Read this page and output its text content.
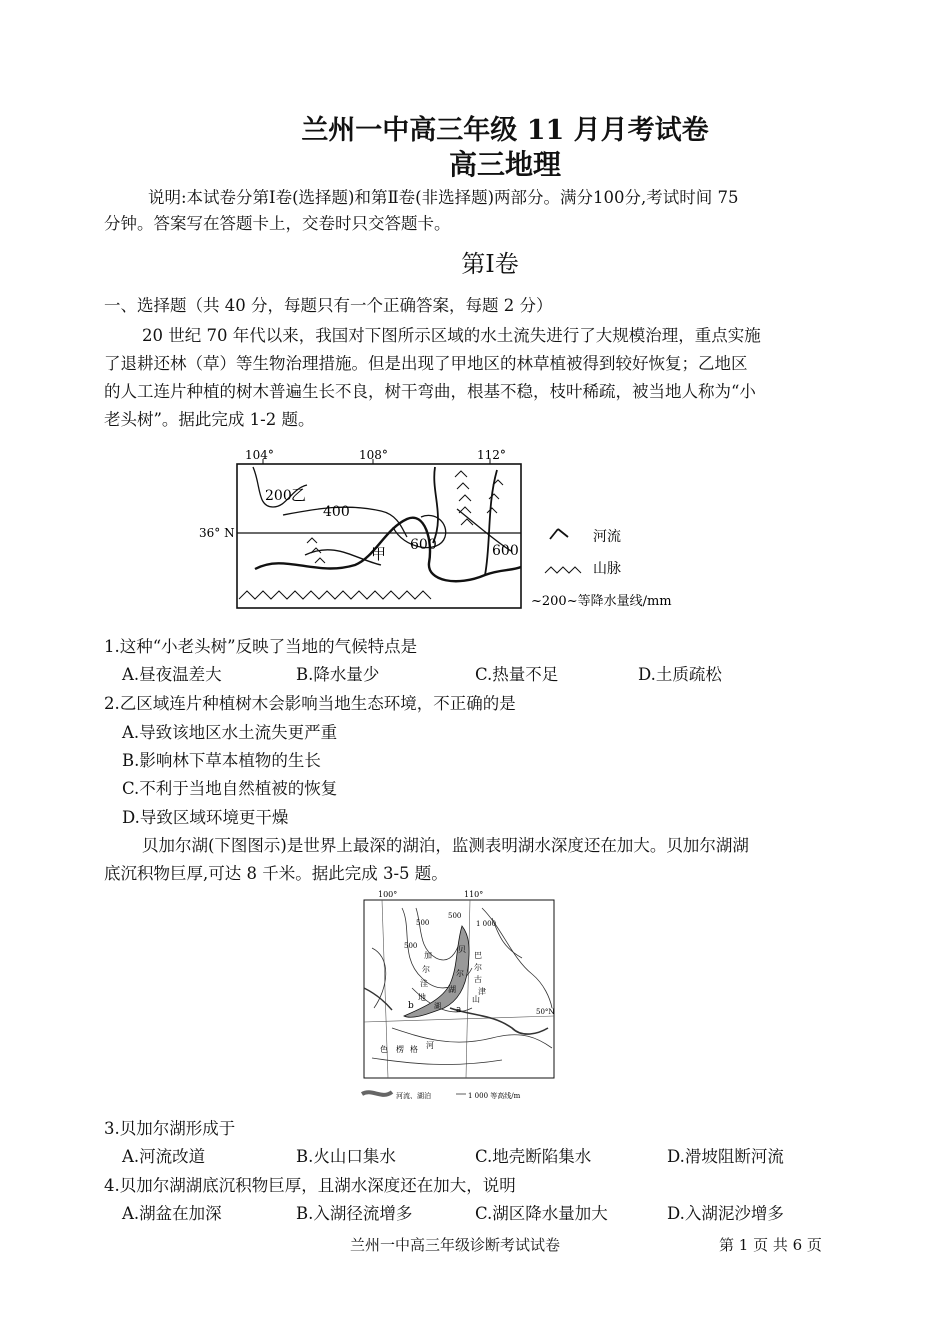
兰州一中高三年级 11 月月考试卷
高三地理
说明:本试卷分第Ⅰ卷(选择题)和第Ⅱ卷(非选择题)两部分。满分100分,考试时间 75
分钟。答案写在答题卡上，交卷时只交答题卡。
第Ⅰ卷
一、选择题（共 40 分，每题只有一个正确答案，每题 2 分）
20 世纪 70 年代以来，我国对下图所示区域的水土流失进行了大规模治理，重点实施
了退耕还林（草）等生物治理措施。但是出现了甲地区的林草植被得到较好恢复；乙地区
的人工连片种植的树木普遍生长不良，树干弯曲，根基不稳，枝叶稀疏，被当地人称为“小
老头树”。据此完成 1-2 题。
104°	108°	112°
36° N
200 乙
400
600	600
甲
河流
山脉
~200~等降水量线/mm
1.这种“小老头树”反映了当地的气候特点是
A.昼夜温差大	B.降水量少	C.热量不足	D.土质疏松
2.乙区域连片种植树木会影响当地生态环境，不正确的是
A.导致该地区水土流失更严重
B.影响林下草本植物的生长
C.不利于当地自然植被的恢复
D.导致区域环境更干燥
贝加尔湖(下图图示)是世界上最深的湖泊，监测表明湖水深度还在加大。贝加尔湖湖
底沉积物巨厚,可达 8 千米。据此完成 3-5 题。
100°	110°
50°N
500
500
500
1 000
加
尔
洼
地
巴
尔
古
津
山
色 楞 格 河
湖
贝
尔
湖
a
b
河流、湖泊	1 000 等高线/m
3.贝加尔湖形成于
A.河流改道	B.火山口集水	C.地壳断陷集水	D.滑坡阻断河流
4.贝加尔湖湖底沉积物巨厚，且湖水深度还在加大，说明
A.湖盆在加深	B.入湖径流增多	C.湖区降水量加大	D.入湖泥沙增多
兰州一中高三年级诊断考试试卷	第 1 页 共 6 页
